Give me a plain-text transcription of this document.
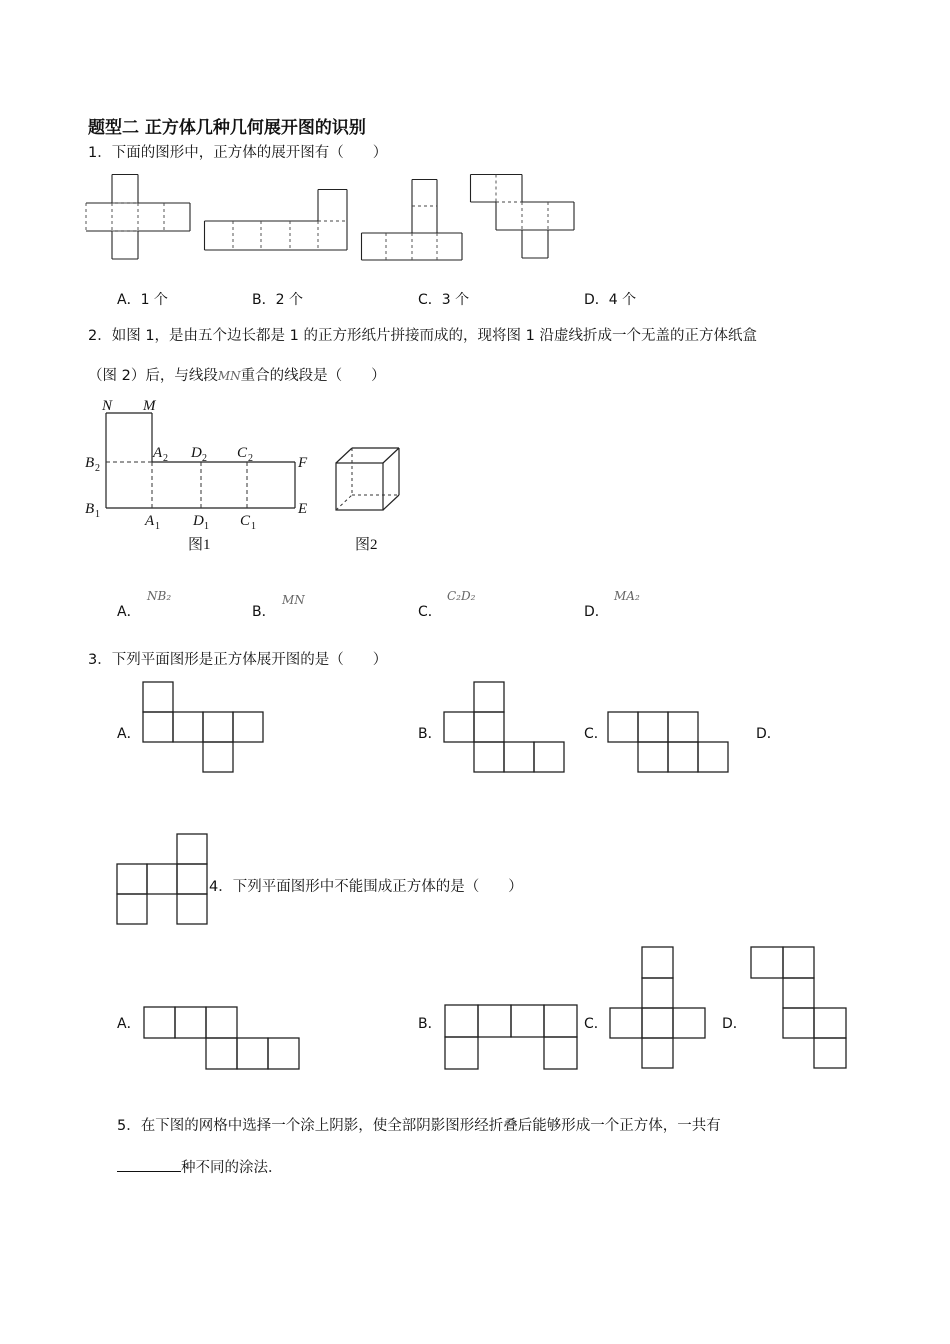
题型二 正方体几种几何展开图的识别
1．下面的图形中，正方体的展开图有（　　）
A．1 个	B．2 个	C．3 个	D．4 个
2．如图 1，是由五个边长都是 1 的正方形纸片拼接而成的，现将图 1 沿虚线折成一个无盖的正方体纸盒
（图 2）后，与线段MN重合的线段是（　　）
N M
B 2
A 2 D 2 C 2	F
E
B 1	A 1 D 1 C 1
图1	图2
A．
NB₂
B．
MN
C．
C₂D₂
D．
MA₂
3．下列平面图形是正方体展开图的是（　　）
A．	B．	C．	D．
4．下列平面图形中不能围成正方体的是（　　）
A．	B．	C．	D．
5．在下图的网格中选择一个涂上阴影，使全部阴影图形经折叠后能够形成一个正方体，一共有
种不同的涂法．
